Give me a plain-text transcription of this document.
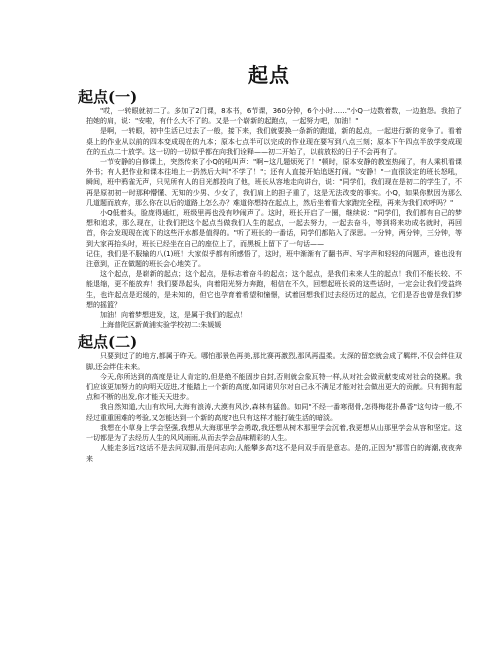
起点
起点(一)

"哎，一转眼就初二了。多加了2门课，8本书，6节课，360分钟，6个小时……"小Q一边数着数，一边抱怨。我拍了拍她的肩，说："安啦，有什么大不了的。又是一个崭新的起跑点，一起努力吧，加油！"

是啊，一转眼，初中生活已过去了一般，接下来，我们就要换一条新的跑道，新的起点，一起进行新的竞争了。看着桌上的作业从以前的四本变成现在的九本；原本七点半可以完成的作业现在要写到八点三刻；原本下午四点半放学变成现在的五点二十放学。这一切的一切似乎都在向我们诠释——初二开始了，以前放松的日子不会再有了。

一节安静的自修课上，突然传来了小Q的吼叫声："啊~这几题烦死了！"顿时，原本安静的教室热闹了，有人乘机看课外书；有人把作业和课本往地上一扔然后大叫"不学了！"；还有人直接开始追逐打闹。"安静！"一直很淡定的班长怒吼，瞬间，班中鸦雀无声，只见所有人的目光都投向了他，班长从容地走向讲台，说："同学们，我们现在是初二的学生了，不再是原初初一时那种懵懂、无知的少男、少女了，我们肩上的担子重了，这是无法改变的事实。小Q，如果你默因为那么几道题而放弃，那么你在以后的道路上怎么办？难道你想持在起点上，然后坐着看大家跑完全程，再来为我们欢呼吗？"

小Q低着头，脸庞得通红，班级里再也没有吵闹声了。这时，班长开启了一圈，继续说："同学们，我们都有自己的梦想和追求，那么现在，让我们把这个起点当做我们人生的起点，一起去努力，一起去奋斗，等到将来功成名就时，再回首，你会发现现在流下的这些汗水都是值得的。"听了班长的一番话，同学们都陷入了深思。一分钟，两分钟，三分钟，等到大家再抬头时，班长已经坐在自己的座位上了，而黑板上留下了一句话——

记住，我们是不服输的八(1)班！大家似乎都有所感悟了，这时，班中渐渐有了翻书声、写字声和轻轻的问题声，谁也没有注意到，正在做题的班长会心地笑了。

这个起点，是崭新的起点；这个起点，是标志着奋斗的起点；这个起点，是我们未来人生的起点！我们不能长较、不能退缩，更不能放弃！我们要昂起头，向着阳光努力奔跑，相信在不久，回想起班长说的这些话时，一定会让我们受益终生，也许起点是迟缓的，是未知的，但它也孕育着希望和憧憬，试着回想我们过去经历过的起点，它们是否也曾是我们梦想的摇篮？

加油！向着梦想进发，这，是属于我们的起点！

上海普陀区新黄浦实验学校初二:朱媛媛

起点(二)

只要到过了的地方,都属于昨天。哪怕那景色再美,那比赛再激烈,那风再温柔。太深的留恋就会成了羁绊,不仅会绊住双脚,还会绊住未来。

今天,你所达到的高度是让人肯定的,但是绝不能固步自封,否则就会象瓦特一样,从对社会做贡献变成对社会的挠累。我们应该更加努力的向明天迈进,才能踏上一个新的高度,如同诺贝尔对自己永不满足才能对社会做出更大的贡献。只有拥有起点和不断的出发,你才能天天进步。

我自然知道,大山有坎坷,大海有浪涛,大漠有风沙,森林有猛兽。如同"不经一番寒彻骨,怎得梅花扑鼻香"这句诗一般,不经过重重困难的考验,又怎能达到一个新的高度?也只有这样才能打破生活的暗淡。

我想在小草身上学会坚强,我想从大海那里学会勇敢,我还想从树木那里学会沉着,我更想从山那里学会从容和坚定。这一切都是为了去经历人生的风风雨雨,从而去学会品味精彩的人生。

人能走多远?这话不是去问双脚,而是问志向;人能攀多高?这不是问双手而是意志。是的,正因为"那雪白的海潮,夜夜奔来
